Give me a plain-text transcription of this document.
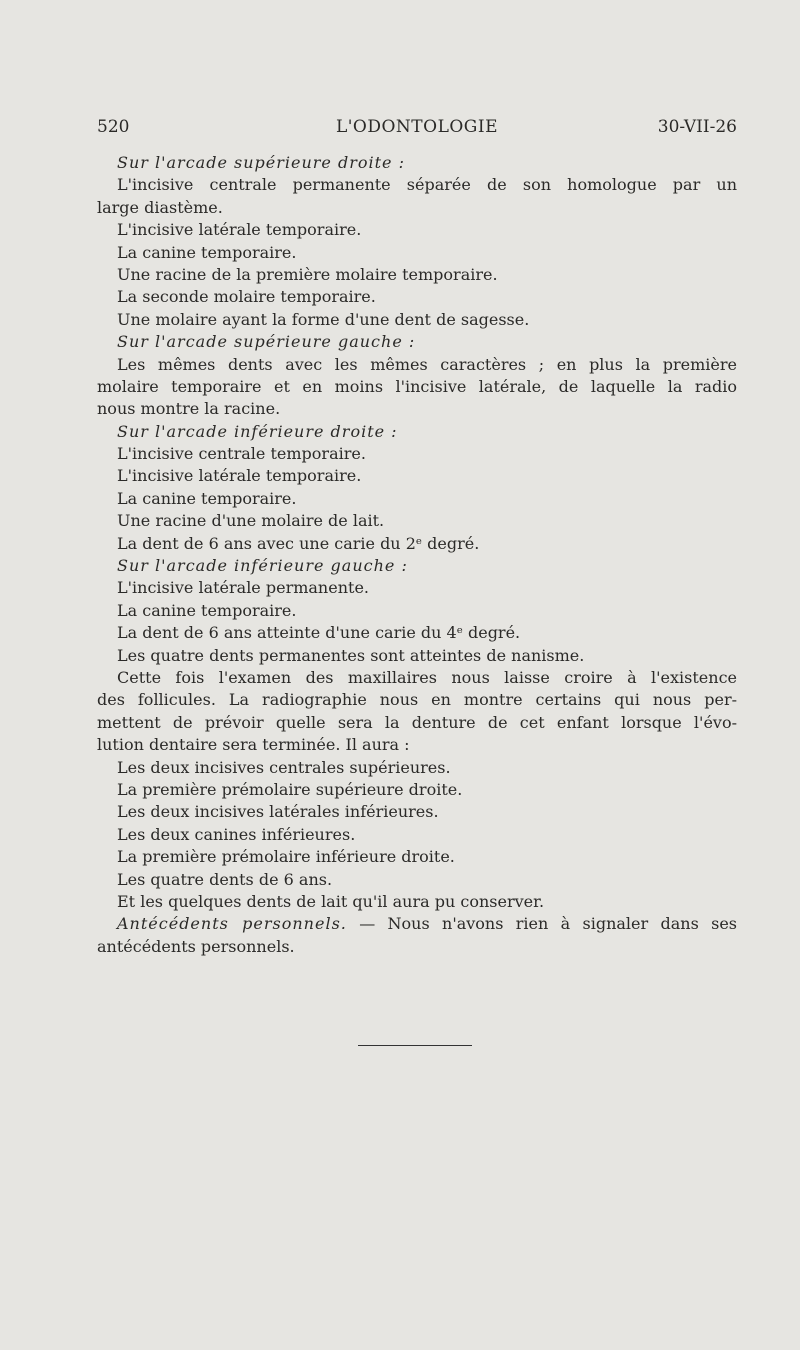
520	L'ODONTOLOGIE	30-VII-26
Sur l'arcade supérieure droite :
L'incisive centrale permanente séparée de son homologue par un
large diastème.
L'incisive latérale temporaire.
La canine temporaire.
Une racine de la première molaire temporaire.
La seconde molaire temporaire.
Une molaire ayant la forme d'une dent de sagesse.
Sur l'arcade supérieure gauche :
Les mêmes dents avec les mêmes caractères ; en plus la première
molaire temporaire et en moins l'incisive latérale, de laquelle la radio
nous montre la racine.
Sur l'arcade inférieure droite :
L'incisive centrale temporaire.
L'incisive latérale temporaire.
La canine temporaire.
Une racine d'une molaire de lait.
La dent de 6 ans avec une carie du 2ᵉ degré.
Sur l'arcade inférieure gauche :
L'incisive latérale permanente.
La canine temporaire.
La dent de 6 ans atteinte d'une carie du 4ᵉ degré.
Les quatre dents permanentes sont atteintes de nanisme.
Cette fois l'examen des maxillaires nous laisse croire à l'existence
des follicules. La radiographie nous en montre certains qui nous per-
mettent de prévoir quelle sera la denture de cet enfant lorsque l'évo-
lution dentaire sera terminée. Il aura :
Les deux incisives centrales supérieures.
La première prémolaire supérieure droite.
Les deux incisives latérales inférieures.
Les deux canines inférieures.
La première prémolaire inférieure droite.
Les quatre dents de 6 ans.
Et les quelques dents de lait qu'il aura pu conserver.
Antécédents personnels. — Nous n'avons rien à signaler dans ses
antécédents personnels.
